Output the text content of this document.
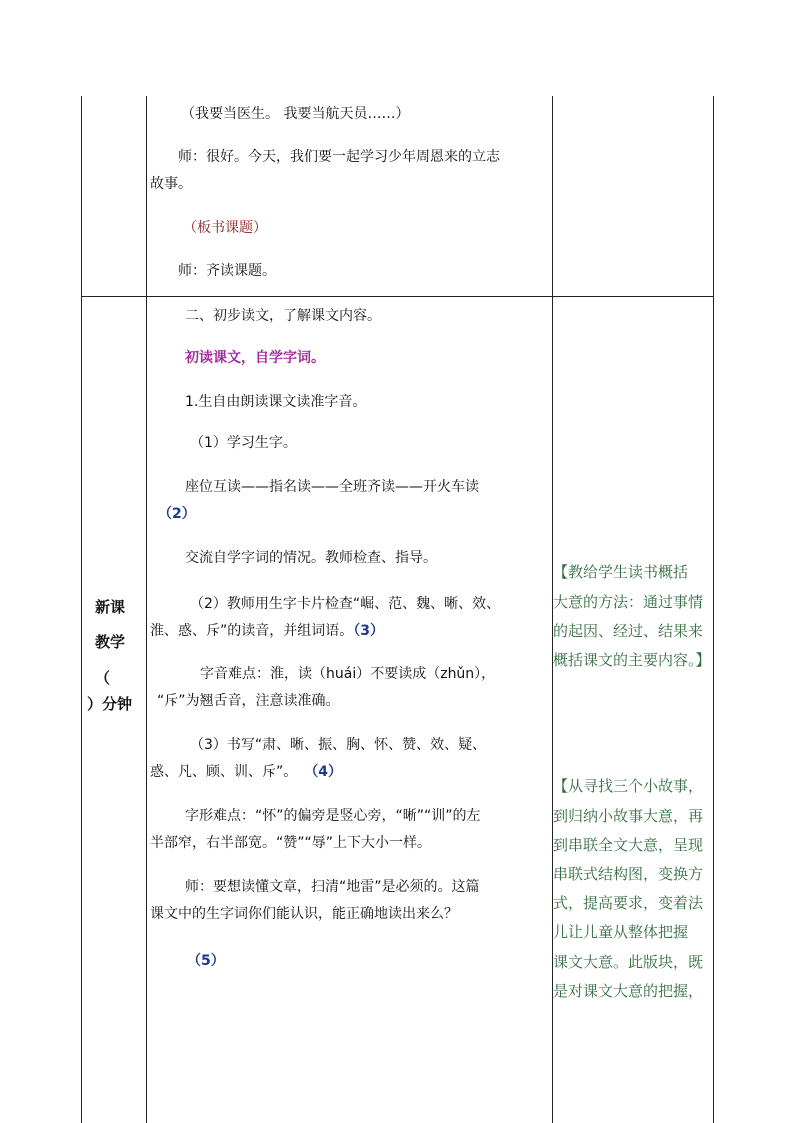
（我要当医生。 我要当航天员……）
师：很好。今天，我们要一起学习少年周恩来的立志
故事。
（板书课题）
师：齐读课题。
新课
教学
（
）分钟
二、初步读文，了解课文内容。
初读课文，自学字词。
1.生自由朗读课文读准字音。
（1）学习生字。
座位互读——指名读——全班齐读——开火车读
（2）
交流自学字词的情况。教师检查、指导。
（2）教师用生字卡片检查“崛、范、魏、晰、效、
淮、惑、斥”的读音，并组词语。（3）
字音难点：淮，读（huái）不要读成（zhǔn），
“斥”为翘舌音，注意读准确。
（3）书写“肃、晰、振、胸、怀、赞、效、疑、
惑、凡、顾、训、斥”。 （4）
字形难点：“怀”的偏旁是竖心旁，“晰”“训”的左
半部窄，右半部宽。“赞”“辱”上下大小一样。
师：要想读懂文章，扫清“地雷”是必须的。这篇
课文中的生字词你们能认识，能正确地读出来么？
（5）
【教给学生读书概括
大意的方法：通过事情
的起因、经过、结果来
概括课文的主要内容。】
【从寻找三个小故事，
到归纳小故事大意，再
到串联全文大意，呈现
串联式结构图，变换方
式，提高要求，变着法
儿让儿童从整体把握
课文大意。此版块，既
是对课文大意的把握，
